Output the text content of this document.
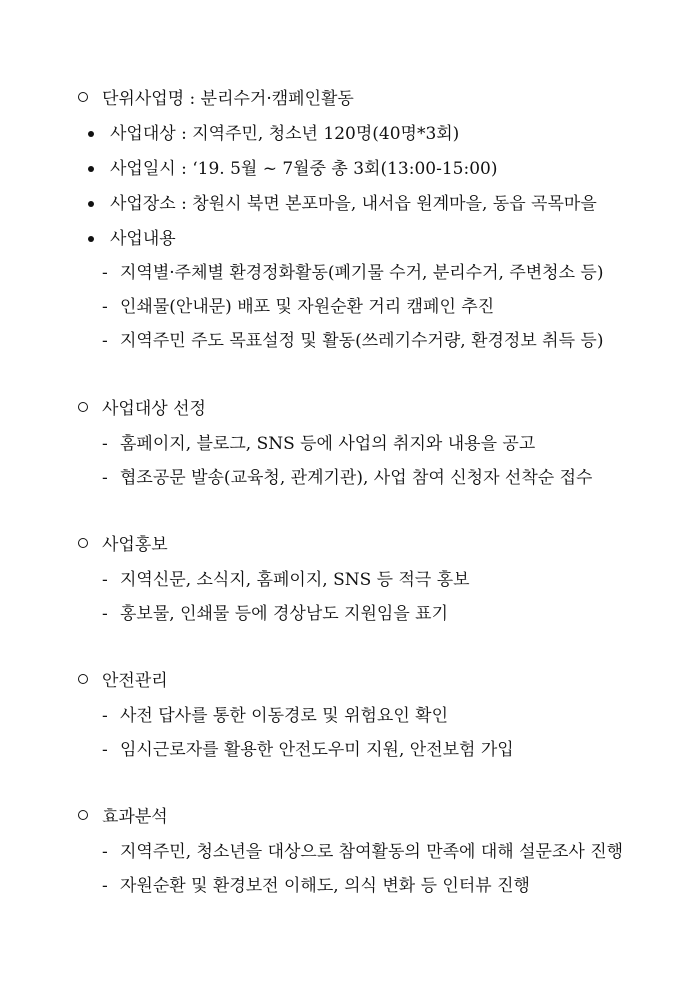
단위사업명 : 분리수거·캠페인활동
사업대상 : 지역주민, 청소년 120명(40명*3회)
사업일시 : ‘19. 5월 ~ 7월중 총 3회(13:00-15:00)
사업장소 : 창원시 북면 본포마을, 내서읍 원계마을, 동읍 곡목마을
사업내용
- 지역별·주체별 환경정화활동(폐기물 수거, 분리수거, 주변청소 등)
- 인쇄물(안내문) 배포 및 자원순환 거리 캠페인 추진
- 지역주민 주도 목표설정 및 활동(쓰레기수거량, 환경정보 취득 등)
사업대상 선정
- 홈페이지, 블로그, SNS 등에 사업의 취지와 내용을 공고
- 협조공문 발송(교육청, 관계기관), 사업 참여 신청자 선착순 접수
사업홍보
- 지역신문, 소식지, 홈페이지, SNS 등 적극 홍보
- 홍보물, 인쇄물 등에 경상남도 지원임을 표기
안전관리
- 사전 답사를 통한 이동경로 및 위험요인 확인
- 임시근로자를 활용한 안전도우미 지원, 안전보험 가입
효과분석
- 지역주민, 청소년을 대상으로 참여활동의 만족에 대해 설문조사 진행
- 자원순환 및 환경보전 이해도, 의식 변화 등 인터뷰 진행
